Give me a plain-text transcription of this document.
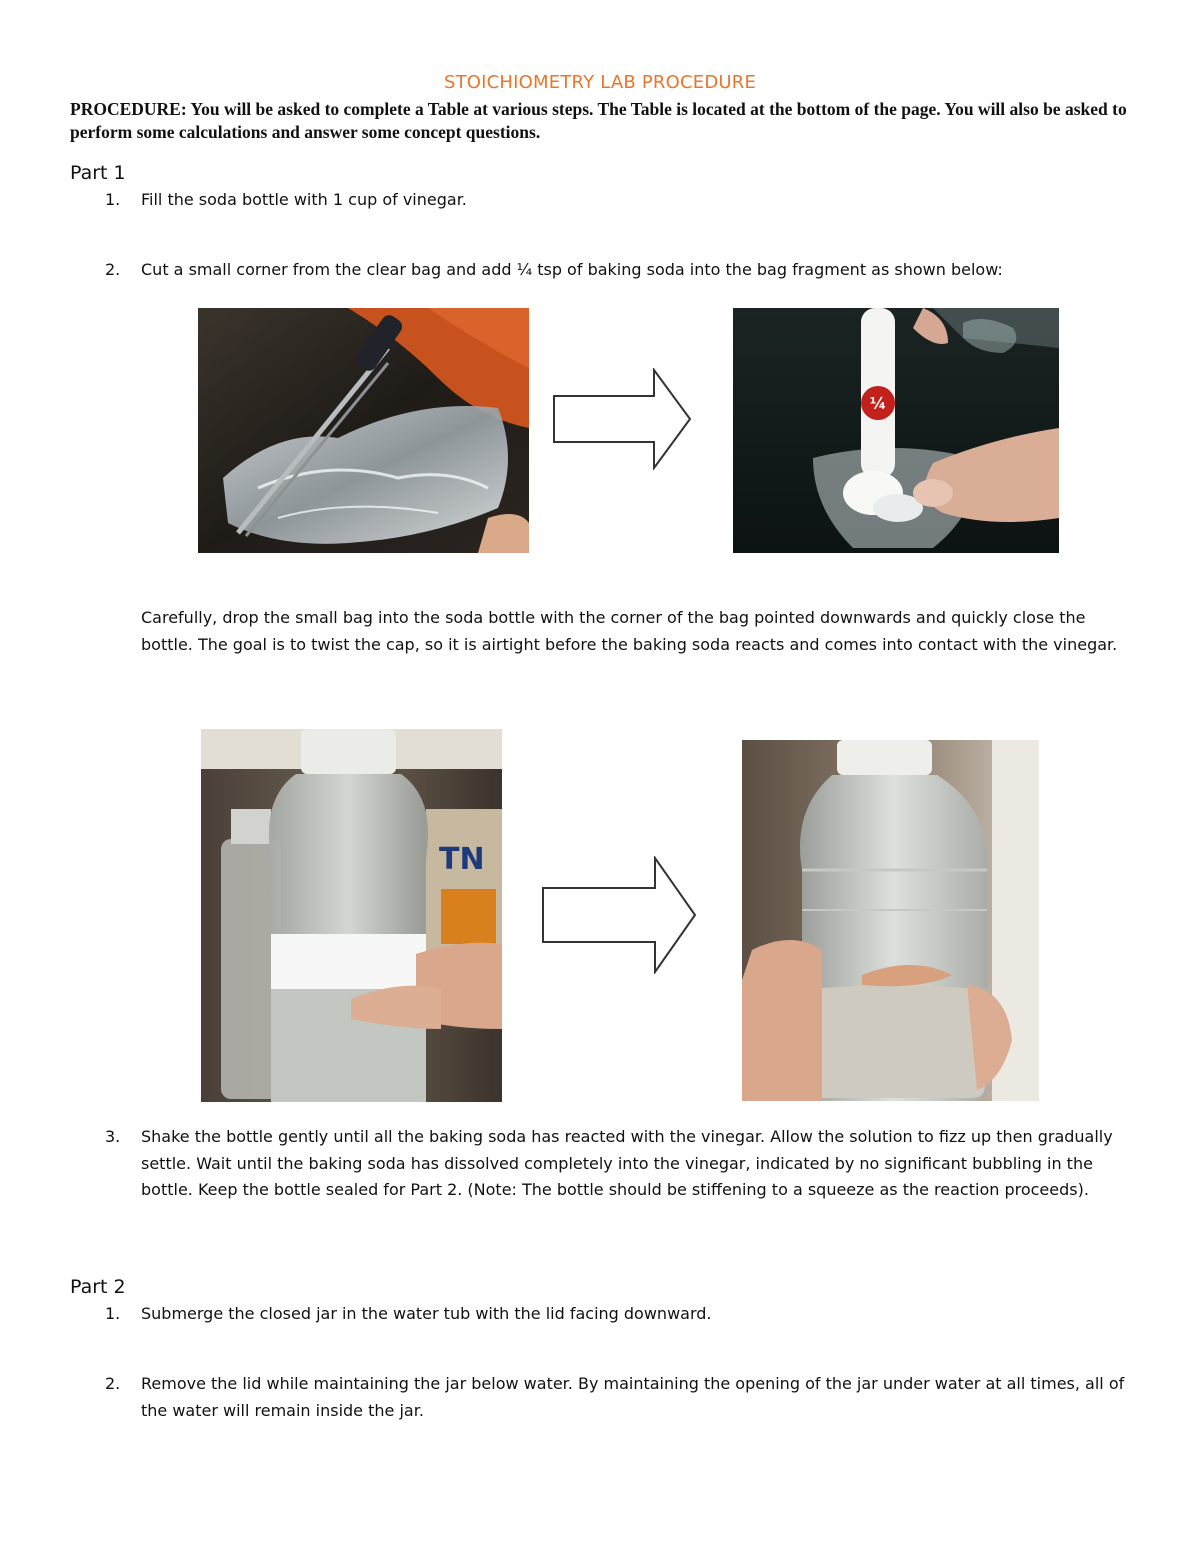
STOICHIOMETRY LAB PROCEDURE
PROCEDURE: You will be asked to complete a Table at various steps. The Table is located at the bottom of the page. You will also be asked to perform some calculations and answer some concept questions.
Part 1
1. Fill the soda bottle with 1 cup of vinegar.
2. Cut a small corner from the clear bag and add ¼ tsp of baking soda into the bag fragment as shown below:
¼
Carefully, drop the small bag into the soda bottle with the corner of the bag pointed downwards and quickly close the bottle. The goal is to twist the cap, so it is airtight before the baking soda reacts and comes into contact with the vinegar.
TN
3. Shake the bottle gently until all the baking soda has reacted with the vinegar. Allow the solution to fizz up then gradually settle. Wait until the baking soda has dissolved completely into the vinegar, indicated by no significant bubbling in the bottle. Keep the bottle sealed for Part 2. (Note: The bottle should be stiffening to a squeeze as the reaction proceeds).
Part 2
1. Submerge the closed jar in the water tub with the lid facing downward.
2. Remove the lid while maintaining the jar below water. By maintaining the opening of the jar under water at all times, all of the water will remain inside the jar.
